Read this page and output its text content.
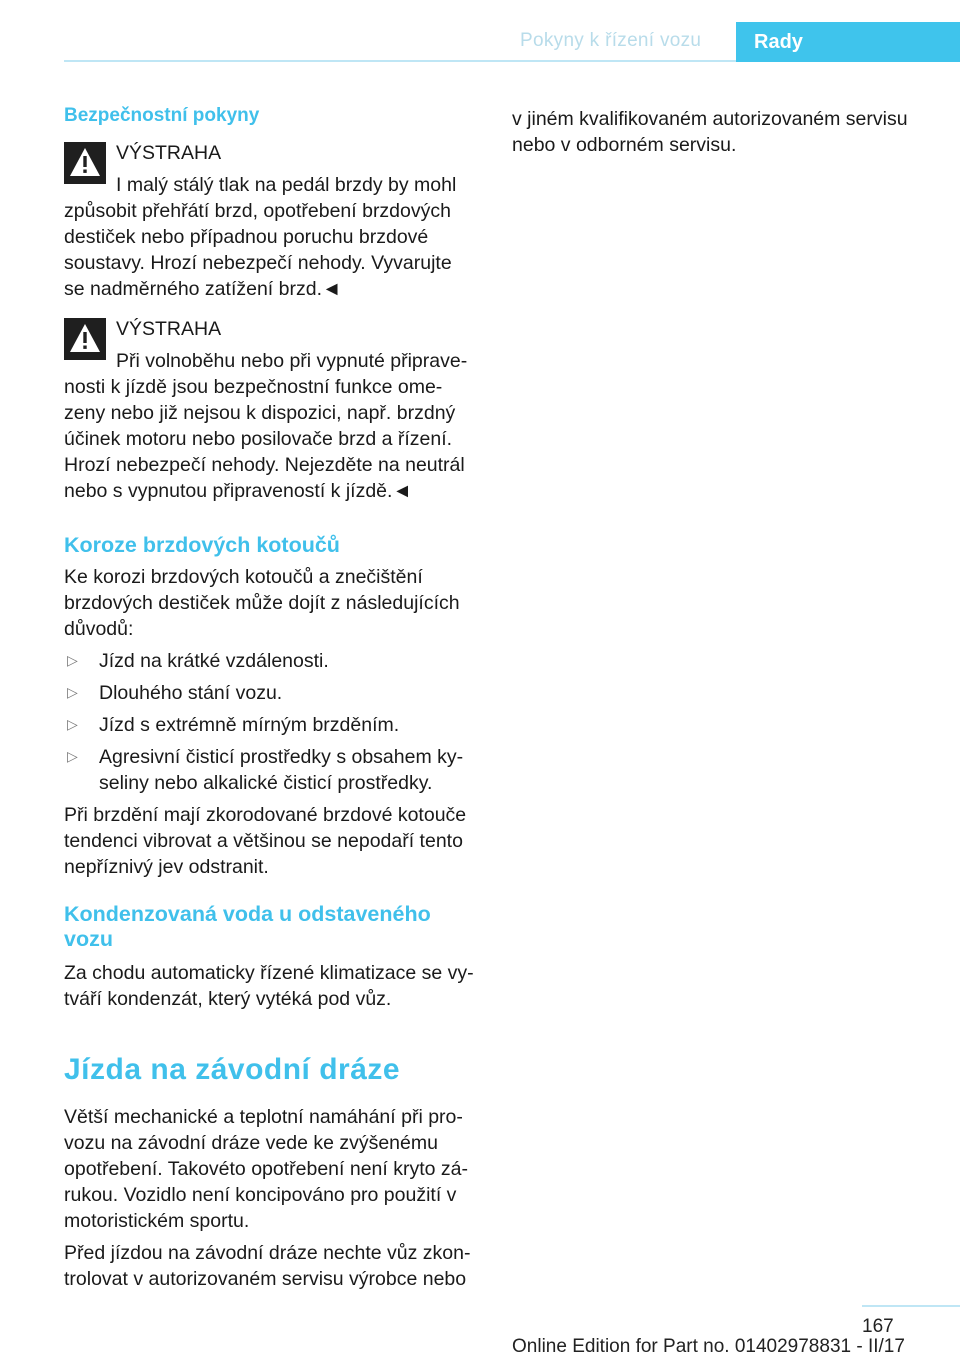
Pokyny k řízení vozu	Rady
Bezpečnostní pokyny
VÝSTRAHA
I malý stálý tlak na pedál brzdy by mohl
způsobit přehřátí brzd, opotřebení brzdových
destiček nebo případnou poruchu brzdové
soustavy. Hrozí nebezpečí nehody. Vyvarujte
se nadměrného zatížení brzd.◄
VÝSTRAHA
Při volnoběhu nebo při vypnuté připrave‐
nosti k jízdě jsou bezpečnostní funkce ome‐
zeny nebo již nejsou k dispozici, např. brzdný
účinek motoru nebo posilovače brzd a řízení.
Hrozí nebezpečí nehody. Nejezděte na neutrál
nebo s vypnutou připraveností k jízdě.◄
Koroze brzdových kotoučů
Ke korozi brzdových kotoučů a znečištění
brzdových destiček může dojít z následujících
důvodů:
▷ Jízd na krátké vzdálenosti.
▷ Dlouhého stání vozu.
▷ Jízd s extrémně mírným brzděním.
▷ Agresivní čisticí prostředky s obsahem ky‐
seliny nebo alkalické čisticí prostředky.
Při brzdění mají zkorodované brzdové kotouče
tendenci vibrovat a většinou se nepodaří tento
nepříznivý jev odstranit.
Kondenzovaná voda u odstaveného
vozu
Za chodu automaticky řízené klimatizace se vy‐
tváří kondenzát, který vytéká pod vůz.
Jízda na závodní dráze
Větší mechanické a teplotní namáhání při pro‐
vozu na závodní dráze vede ke zvýšenému
opotřebení. Takovéto opotřebení není kryto zá‐
rukou. Vozidlo není koncipováno pro použití v
motoristickém sportu.
Před jízdou na závodní dráze nechte vůz zkon‐
trolovat v autorizovaném servisu výrobce nebo
v jiném kvalifikovaném autorizovaném servisu
nebo v odborném servisu.
167
Online Edition for Part no. 01402978831 - II/17
